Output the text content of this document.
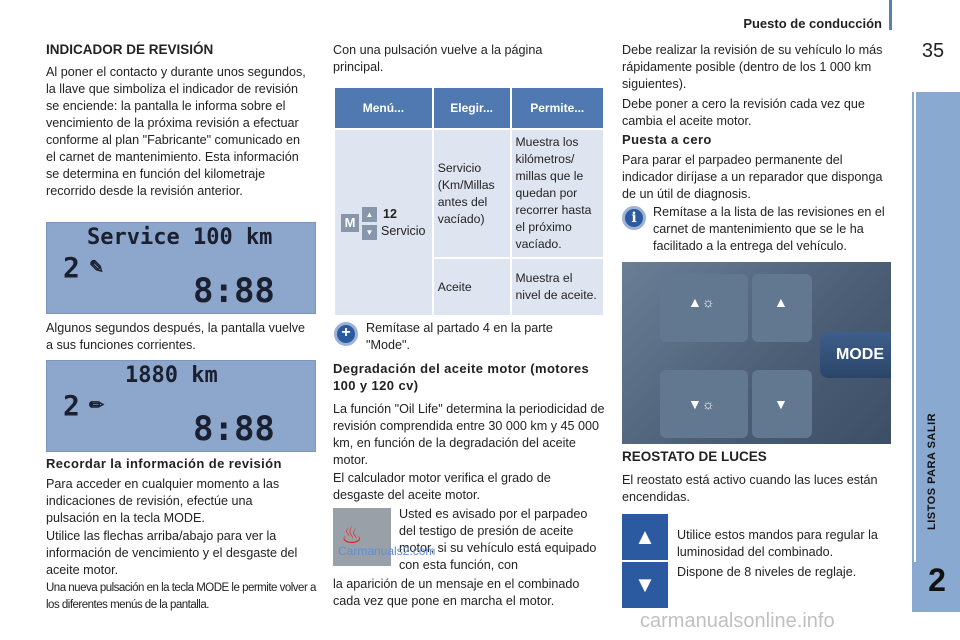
Puesto de conducción
35
LISTOS PARA SALIR
2
INDICADOR DE REVISIÓN

Al poner el contacto y durante unos segundos, la llave que simboliza el indicador de revisión se enciende: la pantalla le informa sobre el vencimiento de la próxima revisión a efectuar conforme al plan "Fabricante" comunicado en el carnet de mantenimiento. Esta información se determina en función del kilometraje recorrido desde la revisión anterior.

Service 100 km
2 ✎
8:88

Algunos segundos después, la pantalla vuelve a sus funciones corrientes.

1880 km
2 ✏
8:88
Recordar la información de revisión

Para acceder en cualquier momento a las indicaciones de revisión, efectúe una pulsación en la tecla MODE.

Utilice las flechas arriba/abajo para ver la información de vencimiento y el desgaste del aceite motor.

Una nueva pulsación en la tecla MODE le permite volver a los diferentes menús de la pantalla.

Con una pulsación vuelve a la página principal.

Menú...	Elegir...	Permite...

M
▲
▼
12
Servicio	Servicio (Km/Millas antes del vacíado)	Muestra los kilómetros/ millas que le quedan por recorrer hasta el próximo vacíado.
	Aceite	Muestra el nivel de aceite.
+	Remítase al partado 4 en la parte "Mode".

Degradación del aceite motor (motores 100 y 120 cv)

La función "Oil Life" determina la periodicidad de revisión comprendida entre 30 000 km y 45 000 km, en función de la degradación del aceite motor.

El calculador motor verifica el grado de desgaste del aceite motor.

♨

Usted es avisado por el parpadeo del testigo de presión de aceite motor, si su vehículo está equipado con esta función, con

la aparición de un mensaje en el combinado cada vez que pone en marcha el motor.

Debe realizar la revisión de su vehículo lo más rápidamente posible (dentro de los 1 000 km siguientes).

Debe poner a cero la revisión cada vez que cambia el aceite motor.

Puesta a cero

Para parar el parpadeo permanente del indicador diríjase a un reparador que disponga de un útil de diagnosis.

i	Remítase a la lista de las revisiones en el carnet de mantenimiento que se le ha facilitado a la entrega del vehículo.

▲☼	▲
▼☼	▼
MODE
REOSTATO DE LUCES

El reostato está activo cuando las luces están encendidas.

▲
▼

Utilice estos mandos para regular la luminosidad del combinado.

Dispone de 8 niveles de reglaje.

carmanualsonline.info
Carmanuals2.com
